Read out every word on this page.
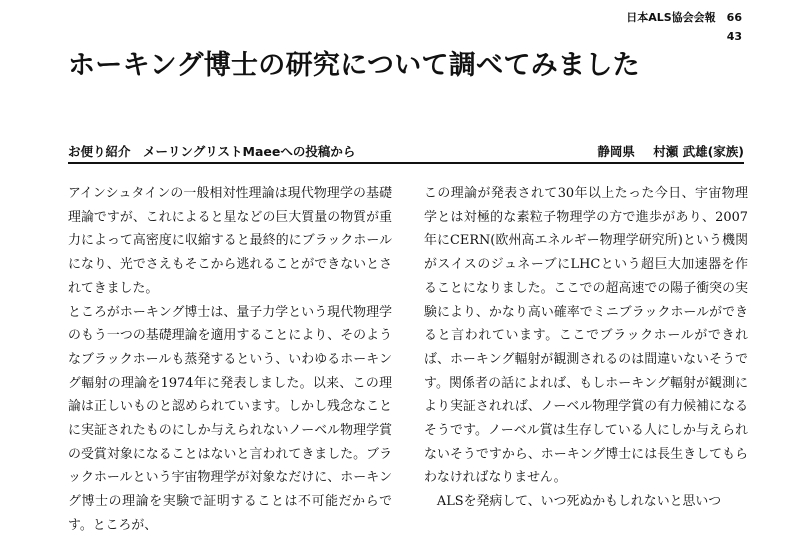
日本ALS協会会報　66
43
ホーキング博士の研究について調べてみました
お便り紹介　メーリングリストMaeeへの投稿から	静岡県 村瀬 武雄(家族)

アインシュタインの一般相対性理論は現代物理学の基礎理論ですが、これによると星などの巨大質量の物質が重力によって高密度に収縮すると最終的にブラックホールになり、光でさえもそこから逃れることができないとされてきました。

ところがホーキング博士は、量子力学という現代物理学のもう一つの基礎理論を適用することにより、そのようなブラックホールも蒸発するという、いわゆるホーキング輻射の理論を1974年に発表しました。以来、この理論は正しいものと認められています。しかし残念なことに実証されたものにしか与えられないノーベル物理学賞の受賞対象になることはないと言われてきました。ブラックホールという宇宙物理学が対象なだけに、ホーキング博士の理論を実験で証明することは不可能だからです。ところが、

この理論が発表されて30年以上たった今日、宇宙物理学とは対極的な素粒子物理学の方で進歩があり、2007年にCERN(欧州高エネルギー物理学研究所)という機関がスイスのジュネーブにLHCという超巨大加速器を作ることになりました。ここでの超高速での陽子衝突の実験により、かなり高い確率でミニブラックホールができると言われています。ここでブラックホールができれば、ホーキング輻射が観測されるのは間違いないそうです。関係者の話によれば、もしホーキング輻射が観測により実証されれば、ノーベル物理学賞の有力候補になるそうです。ノーベル賞は生存している人にしか与えられないそうですから、ホーキング博士には長生きしてもらわなければなりません。

ALSを発病して、いつ死ぬかもしれないと思いつ
